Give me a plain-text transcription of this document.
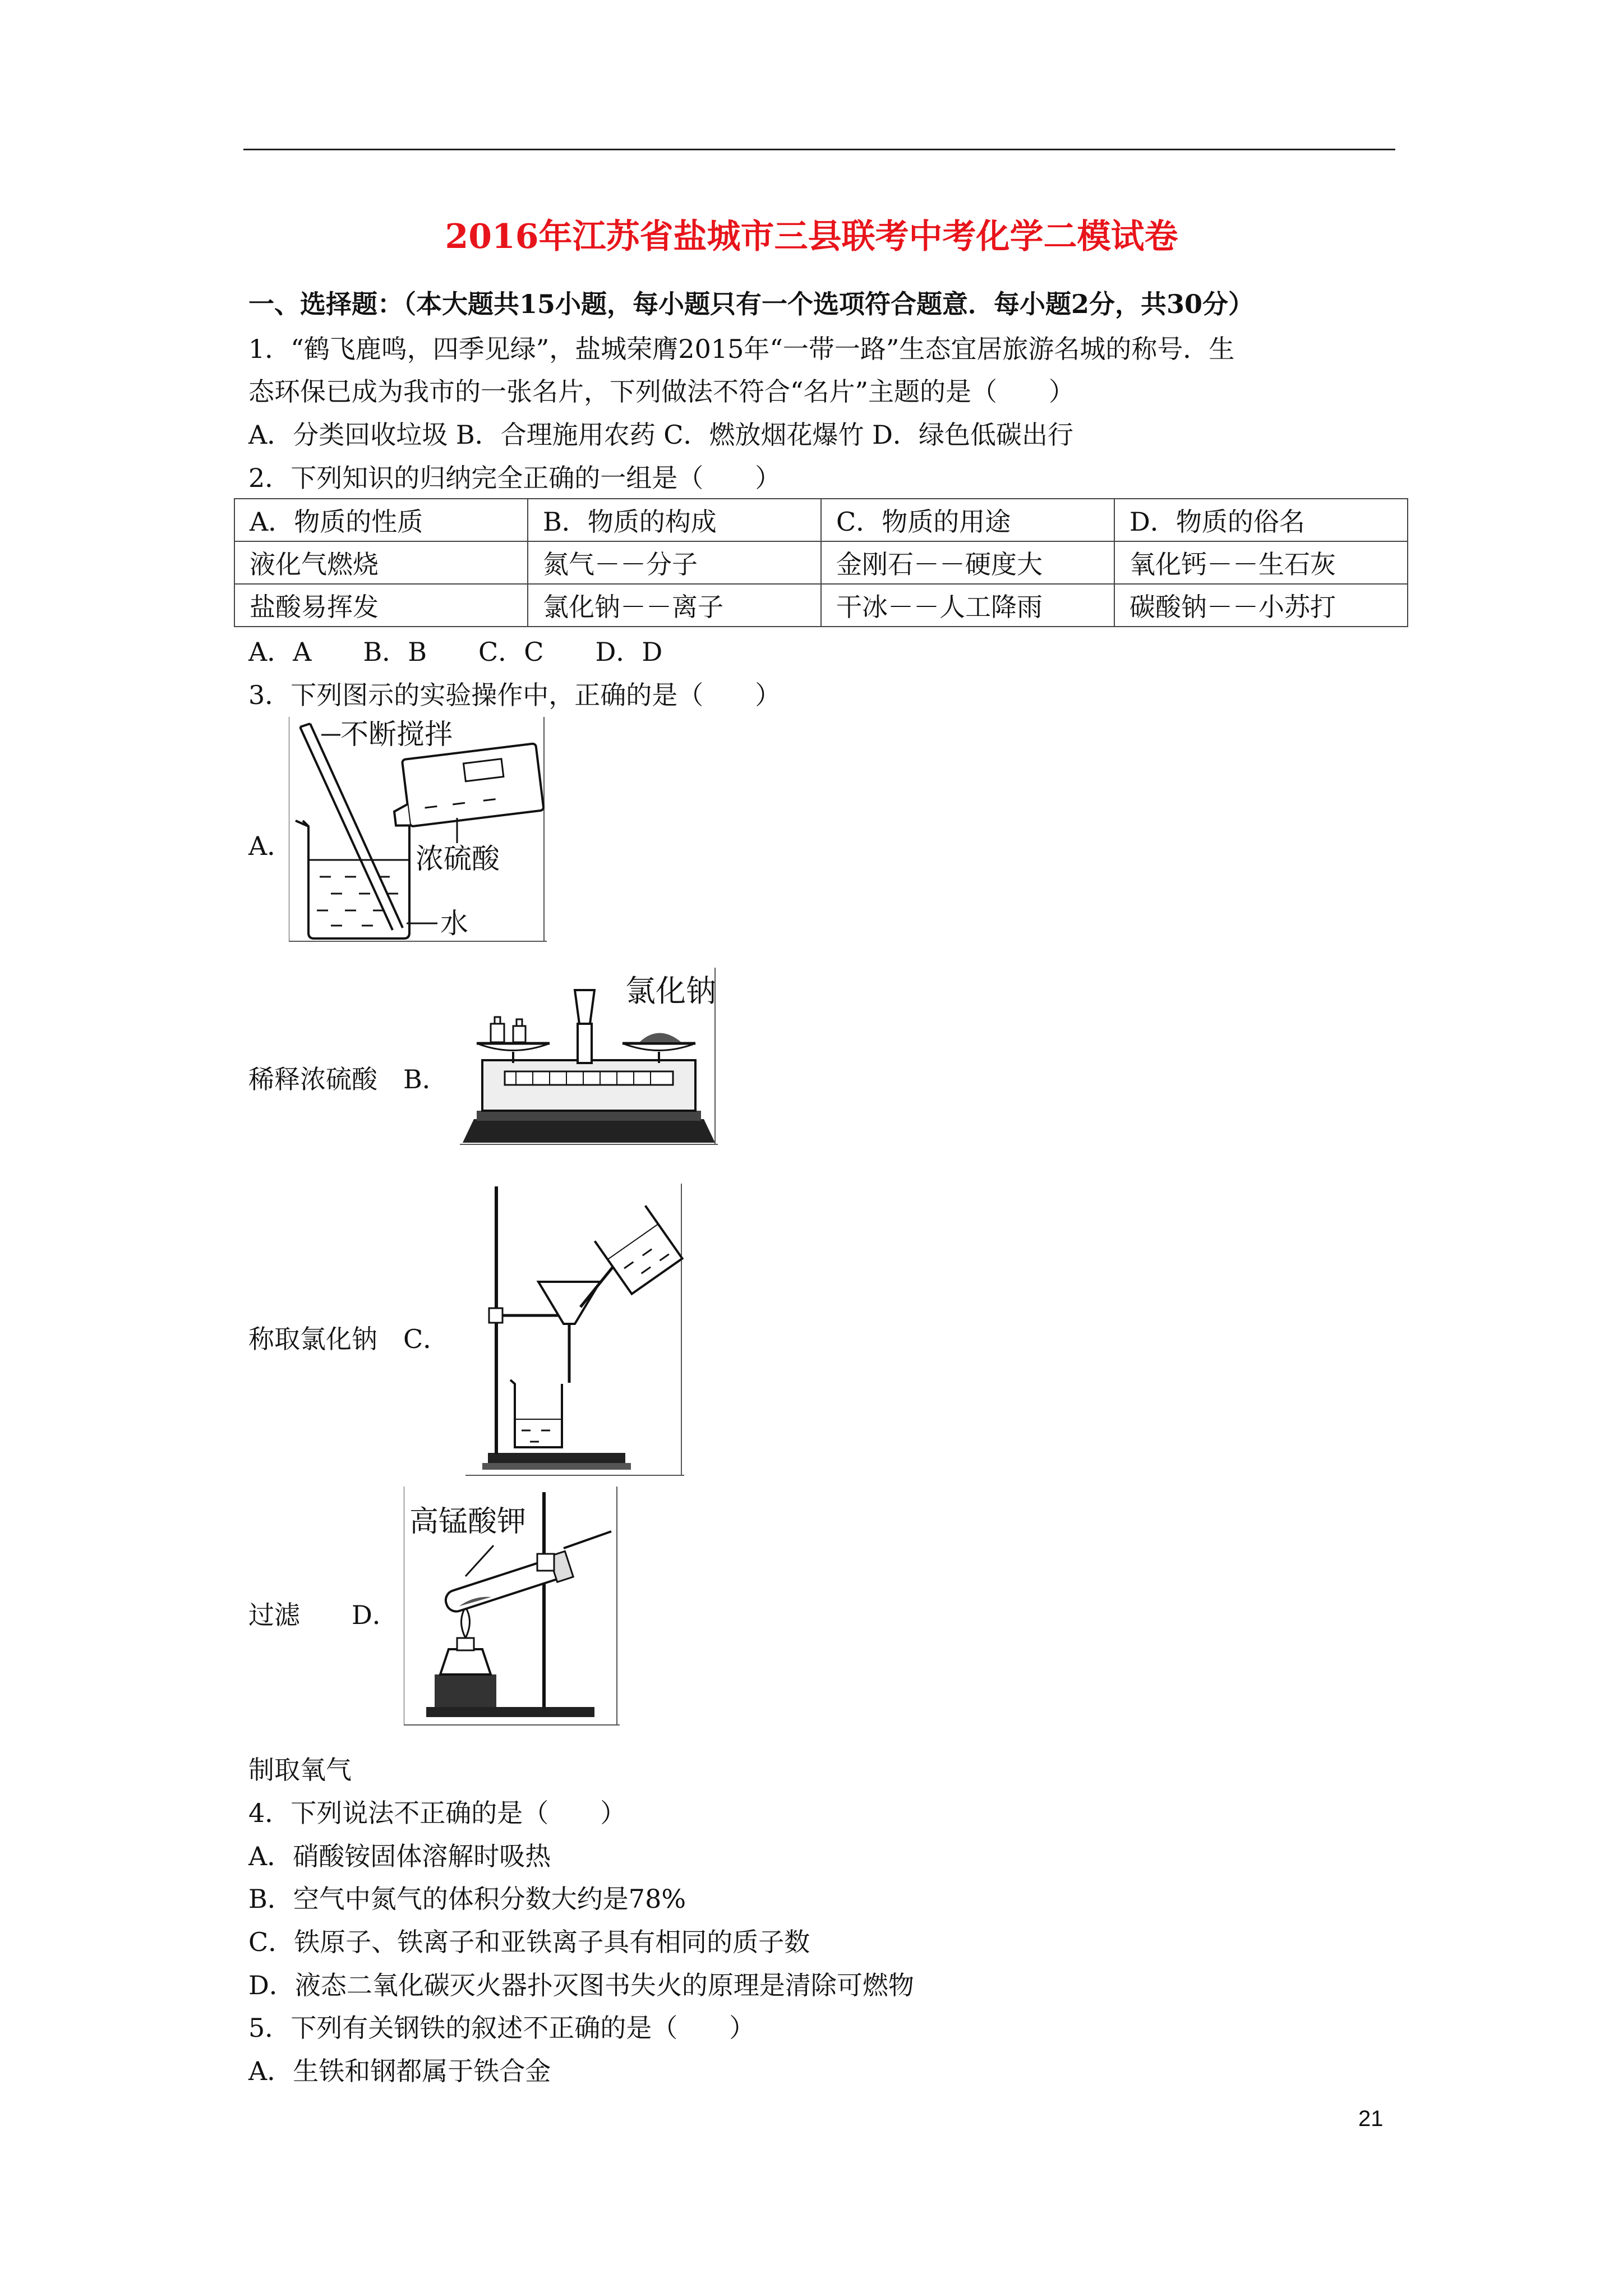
2016年江苏省盐城市三县联考中考化学二模试卷
一、选择题：（本大题共15小题，每小题只有一个选项符合题意．每小题2分，共30分）
1．“鹤飞鹿鸣，四季见绿”，盐城荣膺2015年“一带一路”生态宜居旅游名城的称号．生
态环保已成为我市的一张名片，下列做法不符合“名片”主题的是（　　）
A．分类回收垃圾 B．合理施用农药 C．燃放烟花爆竹 D．绿色低碳出行
2．下列知识的归纳完全正确的一组是（　　）
A．物质的性质	B．物质的构成	C．物质的用途	D．物质的俗名
液化气燃烧	氮气－－分子	金刚石－－硬度大	氧化钙－－生石灰
盐酸易挥发	氯化钠－－离子	干冰－－人工降雨	碳酸钠－－小苏打
A．A　　B．B　　C．C　　D．D
3．下列图示的实验操作中，正确的是（　　）
A．
不断搅拌
浓硫酸
水
稀释浓硫酸　 B．
氯化钠
称取氯化钠　 C．
过滤　　 D．
高锰酸钾
制取氧气
4．下列说法不正确的是（　　）
A．硝酸铵固体溶解时吸热
B．空气中氮气的体积分数大约是78%
C．铁原子、铁离子和亚铁离子具有相同的质子数
D．液态二氧化碳灭火器扑灭图书失火的原理是清除可燃物
5．下列有关钢铁的叙述不正确的是（　　）
A．生铁和钢都属于铁合金
21
